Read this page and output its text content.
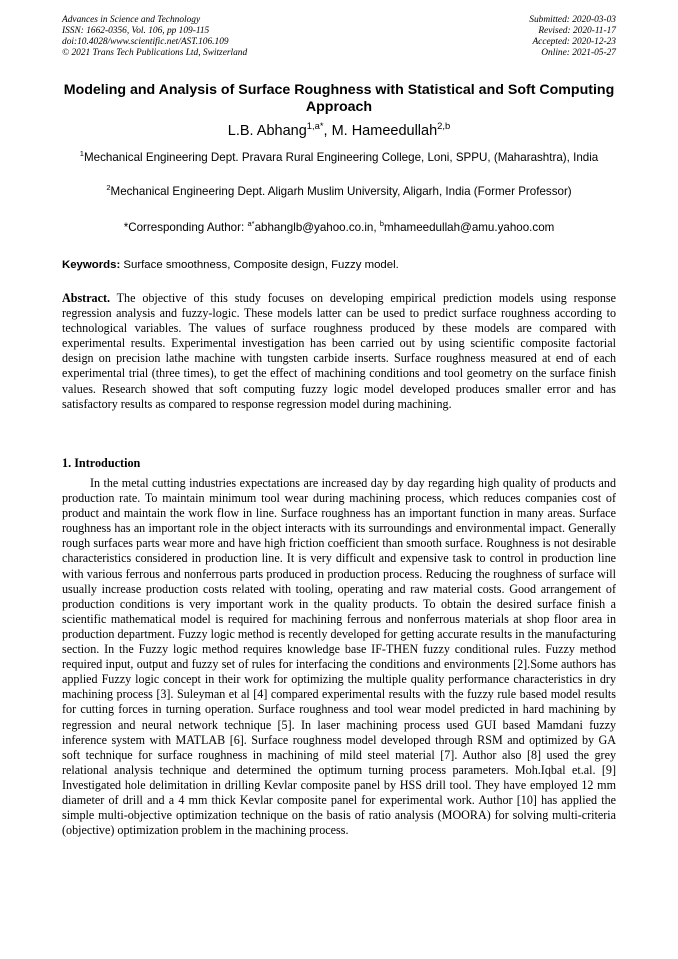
Advances in Science and Technology
ISSN: 1662-0356, Vol. 106, pp 109-115
doi:10.4028/www.scientific.net/AST.106.109
© 2021 Trans Tech Publications Ltd, Switzerland
Submitted: 2020-03-03
Revised: 2020-11-17
Accepted: 2020-12-23
Online: 2021-05-27
Modeling and Analysis of Surface Roughness with Statistical and Soft Computing Approach
L.B. Abhang$^{1,a*}$, M. Hameedullah$^{2,b}$
$^1$Mechanical Engineering Dept. Pravara Rural Engineering College, Loni, SPPU, (Maharashtra), India
$^2$Mechanical Engineering Dept. Aligarh Muslim University, Aligarh, India (Former Professor)
*Corresponding Author: $^{a*}$abhanglb@yahoo.co.in, $^b$mhameedullah@amu.yahoo.com
Keywords: Surface smoothness, Composite design, Fuzzy model.
Abstract. The objective of this study focuses on developing empirical prediction models using response regression analysis and fuzzy-logic. These models latter can be used to predict surface roughness according to technological variables. The values of surface roughness produced by these models are compared with experimental results. Experimental investigation has been carried out by using scientific composite factorial design on precision lathe machine with tungsten carbide inserts. Surface roughness measured at end of each experimental trial (three times), to get the effect of machining conditions and tool geometry on the surface finish values. Research showed that soft computing fuzzy logic model developed produces smaller error and has satisfactory results as compared to response regression model during machining.
1. Introduction

In the metal cutting industries expectations are increased day by day regarding high quality of products and production rate. To maintain minimum tool wear during machining process, which reduces companies cost of product and maintain the work flow in line. Surface roughness has an important function in many areas. Surface roughness has an important role in the object interacts with its surroundings and environmental impact. Generally rough surfaces parts wear more and have high friction coefficient than smooth surface. Roughness is not desirable characteristics considered in production line. It is very difficult and expensive task to control in production line with various ferrous and nonferrous parts produced in production process. Reducing the roughness of surface will usually increase production costs related with tooling, operating and raw material costs. Good arrangement of production conditions is very important work in the quality products. To obtain the desired surface finish a scientific mathematical model is required for machining ferrous and nonferrous materials at shop floor area in production department. Fuzzy logic method is recently developed for getting accurate results in the manufacturing section. In the Fuzzy logic method requires knowledge base IF-THEN fuzzy conditional rules. Fuzzy method required input, output and fuzzy set of rules for interfacing the conditions and environments [2].Some authors has applied Fuzzy logic concept in their work for optimizing the multiple quality performance characteristics in dry machining process [3]. Suleyman et al [4] compared experimental results with the fuzzy rule based model results for cutting forces in turning operation. Surface roughness and tool wear model predicted in hard machining by regression and neural network technique [5]. In laser machining process used GUI based Mamdani fuzzy inference system with MATLAB [6]. Surface roughness model developed through RSM and optimized by GA soft technique for surface roughness in machining of mild steel material [7]. Author also [8] used the grey relational analysis technique and determined the optimum turning process parameters. Moh.Iqbal et.al. [9] Investigated hole delimitation in drilling Kevlar composite panel by HSS drill tool. They have employed 12 mm diameter of drill and a 4 mm thick Kevlar composite panel for experimental work. Author [10] has applied the simple multi-objective optimization technique on the basis of ratio analysis (MOORA) for solving multi-criteria (objective) optimization problem in the machining process.
